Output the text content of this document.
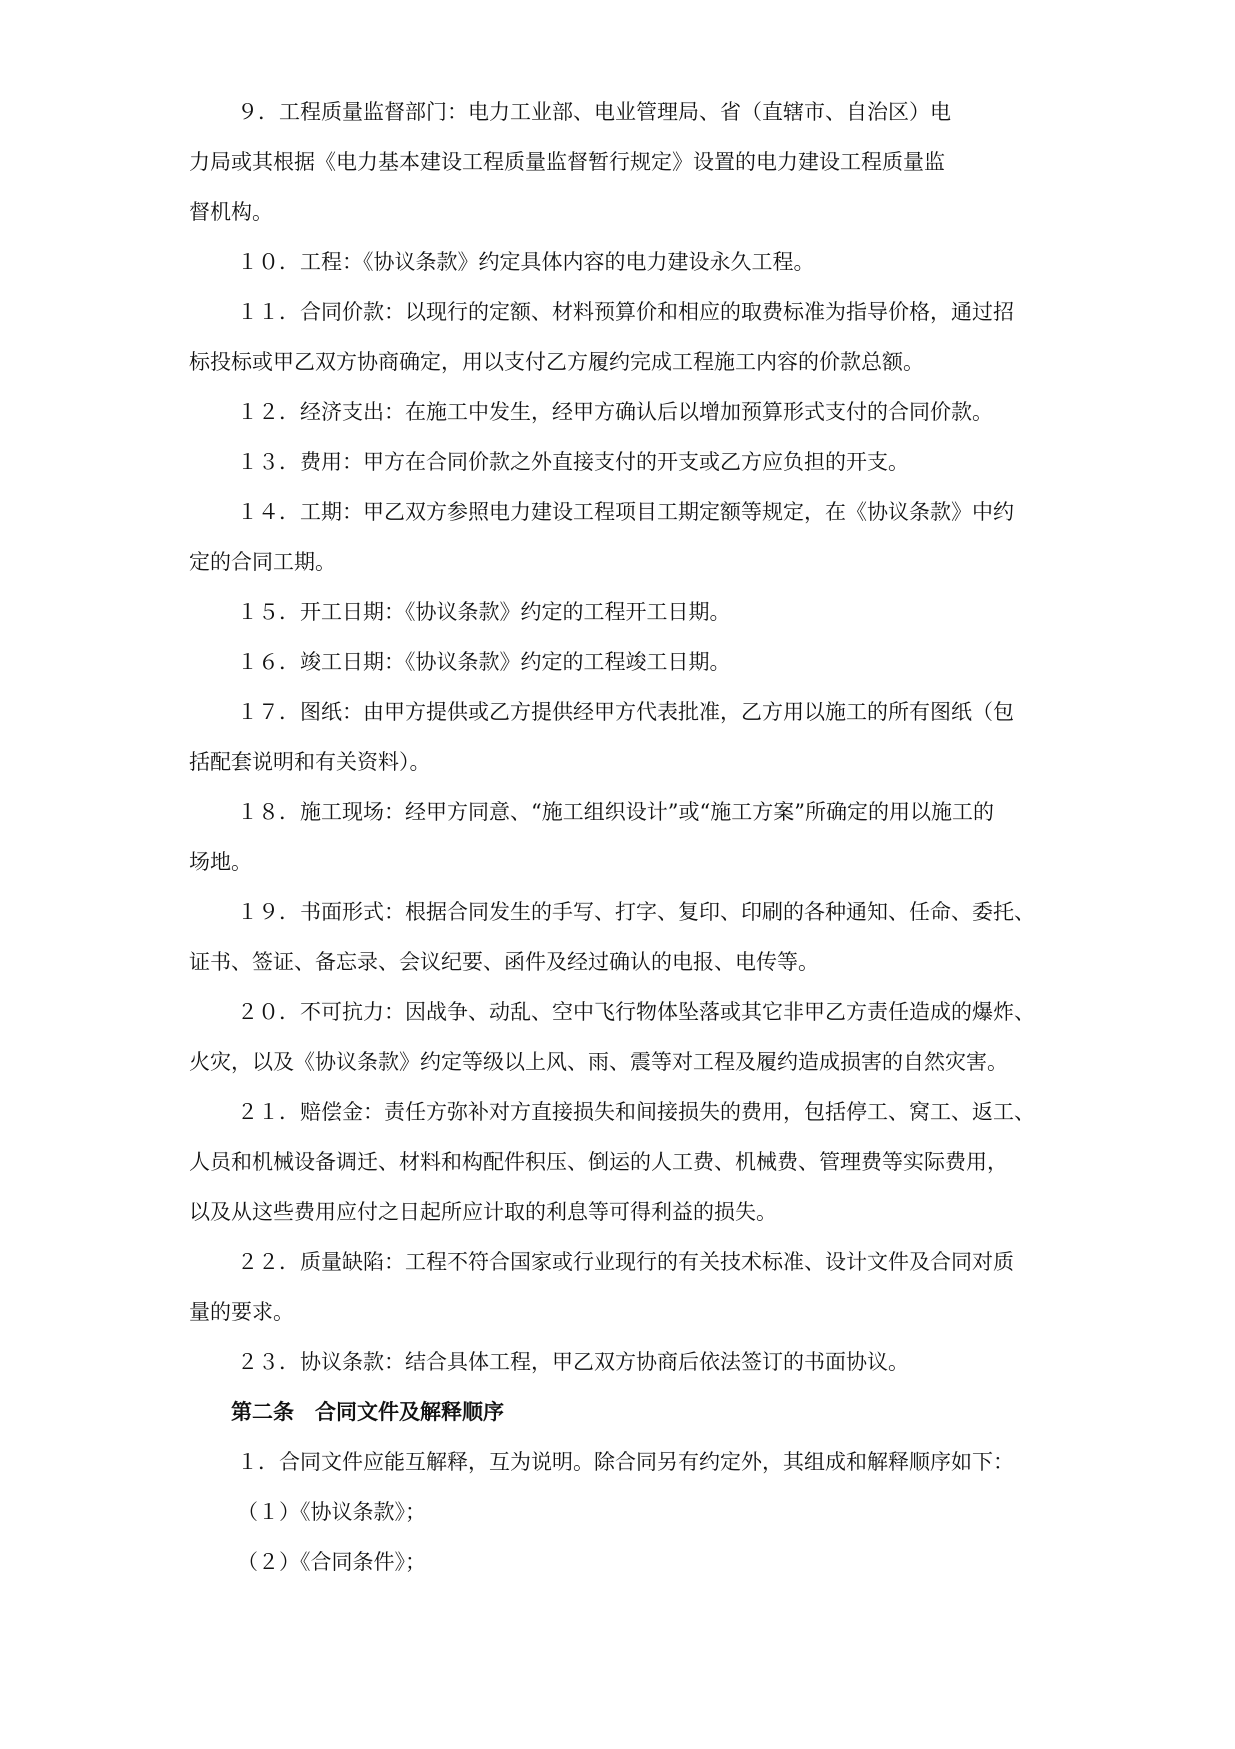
９．工程质量监督部门：电力工业部、电业管理局、省（直辖市、自治区）电
力局或其根据《电力基本建设工程质量监督暂行规定》设置的电力建设工程质量监
督机构。
１０．工程：《协议条款》约定具体内容的电力建设永久工程。
１１．合同价款：以现行的定额、材料预算价和相应的取费标准为指导价格，通过招
标投标或甲乙双方协商确定，用以支付乙方履约完成工程施工内容的价款总额。
１２．经济支出：在施工中发生，经甲方确认后以增加预算形式支付的合同价款。
１３．费用：甲方在合同价款之外直接支付的开支或乙方应负担的开支。
１４．工期：甲乙双方参照电力建设工程项目工期定额等规定，在《协议条款》中约
定的合同工期。
１５．开工日期：《协议条款》约定的工程开工日期。
１６．竣工日期：《协议条款》约定的工程竣工日期。
１７．图纸：由甲方提供或乙方提供经甲方代表批准，乙方用以施工的所有图纸（包
括配套说明和有关资料）。
１８．施工现场：经甲方同意、“施工组织设计”或“施工方案”所确定的用以施工的
场地。
１９．书面形式：根据合同发生的手写、打字、复印、印刷的各种通知、任命、委托、
证书、签证、备忘录、会议纪要、函件及经过确认的电报、电传等。
２０．不可抗力：因战争、动乱、空中飞行物体坠落或其它非甲乙方责任造成的爆炸、
火灾，以及《协议条款》约定等级以上风、雨、震等对工程及履约造成损害的自然灾害。
２１．赔偿金：责任方弥补对方直接损失和间接损失的费用，包括停工、窝工、返工、
人员和机械设备调迁、材料和构配件积压、倒运的人工费、机械费、管理费等实际费用，
以及从这些费用应付之日起所应计取的利息等可得利益的损失。
２２．质量缺陷：工程不符合国家或行业现行的有关技术标准、设计文件及合同对质
量的要求。
２３．协议条款：结合具体工程，甲乙双方协商后依法签订的书面协议。
第二条　合同文件及解释顺序
１．合同文件应能互解释，互为说明。除合同另有约定外，其组成和解释顺序如下：
（１）《协议条款》；
（２）《合同条件》；
